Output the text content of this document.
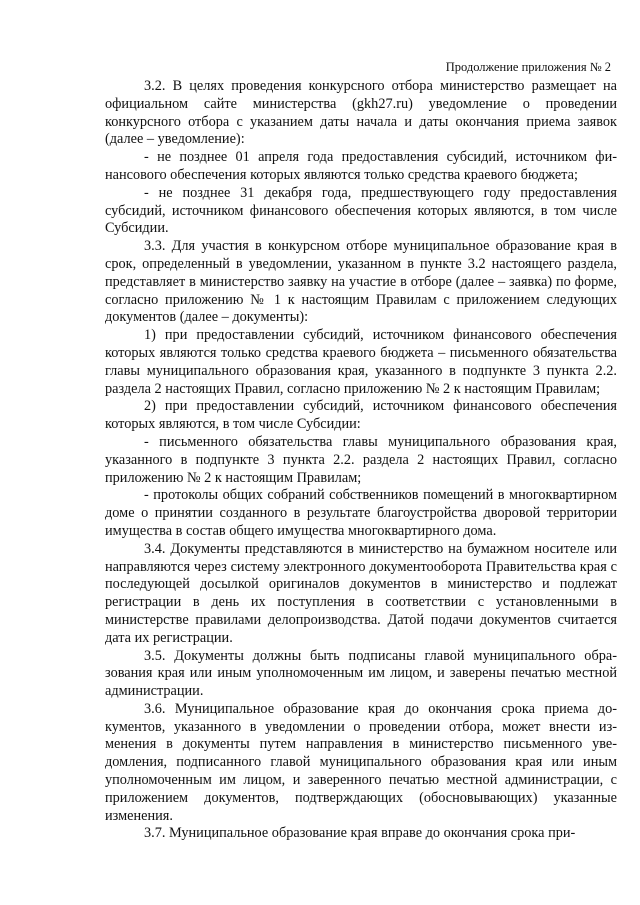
Продолжение приложения № 2

3.2. В целях проведения конкурсного отбора министерство размещает на официальном сайте министерства (gkh27.ru) уведомление о проведении конкурсного отбора с указанием даты начала и даты окончания приема заявок (далее – уведомление):

- не позднее 01 апреля года предоставления субсидий, источником финансового обеспечения которых являются только средства краевого бюджета;

- не позднее 31 декабря года, предшествующего году предоставления субсидий, источником финансового обеспечения которых являются, в том числе Субсидии.

3.3. Для участия в конкурсном отборе муниципальное образование края в срок, определенный в уведомлении, указанном в пункте 3.2 настоящего раздела, представляет в министерство заявку на участие в отборе (далее – заявка) по форме, согласно приложению № 1 к настоящим Правилам с приложением следующих документов (далее – документы):

1) при предоставлении субсидий, источником финансового обеспечения которых являются только средства краевого бюджета – письменного обязательства главы муниципального образования края, указанного в подпункте 3 пункта 2.2. раздела 2 настоящих Правил, согласно приложению № 2 к настоящим Правилам;

2) при предоставлении субсидий, источником финансового обеспечения которых являются, в том числе Субсидии:

- письменного обязательства главы муниципального образования края, указанного в подпункте 3 пункта 2.2. раздела 2 настоящих Правил, согласно приложению № 2 к настоящим Правилам;

- протоколы общих собраний собственников помещений в многоквартирном доме о принятии созданного в результате благоустройства дворовой территории имущества в состав общего имущества многоквартирного дома.

3.4. Документы представляются в министерство на бумажном носителе или направляются через систему электронного документооборота Правительства края с последующей досылкой оригиналов документов в министерство и подлежат регистрации в день их поступления в соответствии с установленными в министерстве правилами делопроизводства. Датой подачи документов считается дата их регистрации.

3.5. Документы должны быть подписаны главой муниципального образования края или иным уполномоченным им лицом, и заверены печатью местной администрации.

3.6. Муниципальное образование края до окончания срока приема документов, указанного в уведомлении о проведении отбора, может внести изменения в документы путем направления в министерство письменного уведомления, подписанного главой муниципального образования края или иным уполномоченным им лицом, и заверенного печатью местной администрации, с приложением документов, подтверждающих (обосновывающих) указанные изменения.

3.7. Муниципальное образование края вправе до окончания срока при-
